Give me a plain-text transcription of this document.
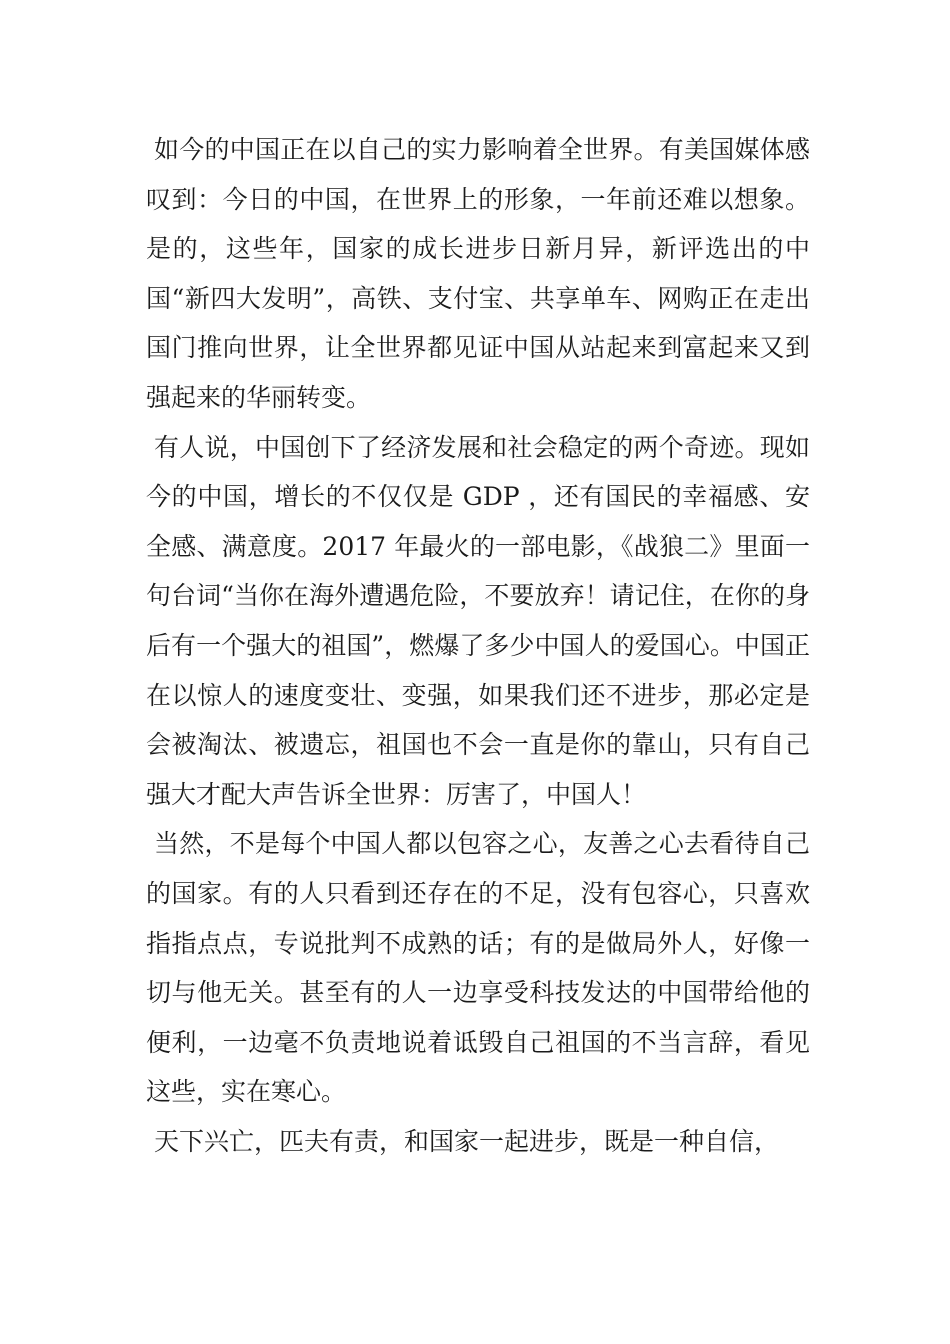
如今的中国正在以自己的实力影响着全世界。有美国媒体感叹到：今日的中国，在世界上的形象，一年前还难以想象。是的，这些年，国家的成长进步日新月异，新评选出的中国“新四大发明”，高铁、支付宝、共享单车、网购正在走出国门推向世界，让全世界都见证中国从站起来到富起来又到强起来的华丽转变。

有人说，中国创下了经济发展和社会稳定的两个奇迹。现如今的中国，增长的不仅仅是 GDP ，还有国民的幸福感、安全感、满意度。2017 年最火的一部电影，《战狼二》里面一句台词“当你在海外遭遇危险，不要放弃！请记住，在你的身后有一个强大的祖国”，燃爆了多少中国人的爱国心。中国正在以惊人的速度变壮、变强，如果我们还不进步，那必定是会被淘汰、被遗忘，祖国也不会一直是你的靠山，只有自己强大才配大声告诉全世界：厉害了，中国人！

当然，不是每个中国人都以包容之心，友善之心去看待自己的国家。有的人只看到还存在的不足，没有包容心，只喜欢指指点点，专说批判不成熟的话；有的是做局外人，好像一切与他无关。甚至有的人一边享受科技发达的中国带给他的便利，一边毫不负责地说着诋毁自己祖国的不当言辞，看见这些，实在寒心。

天下兴亡，匹夫有责，和国家一起进步，既是一种自信，
